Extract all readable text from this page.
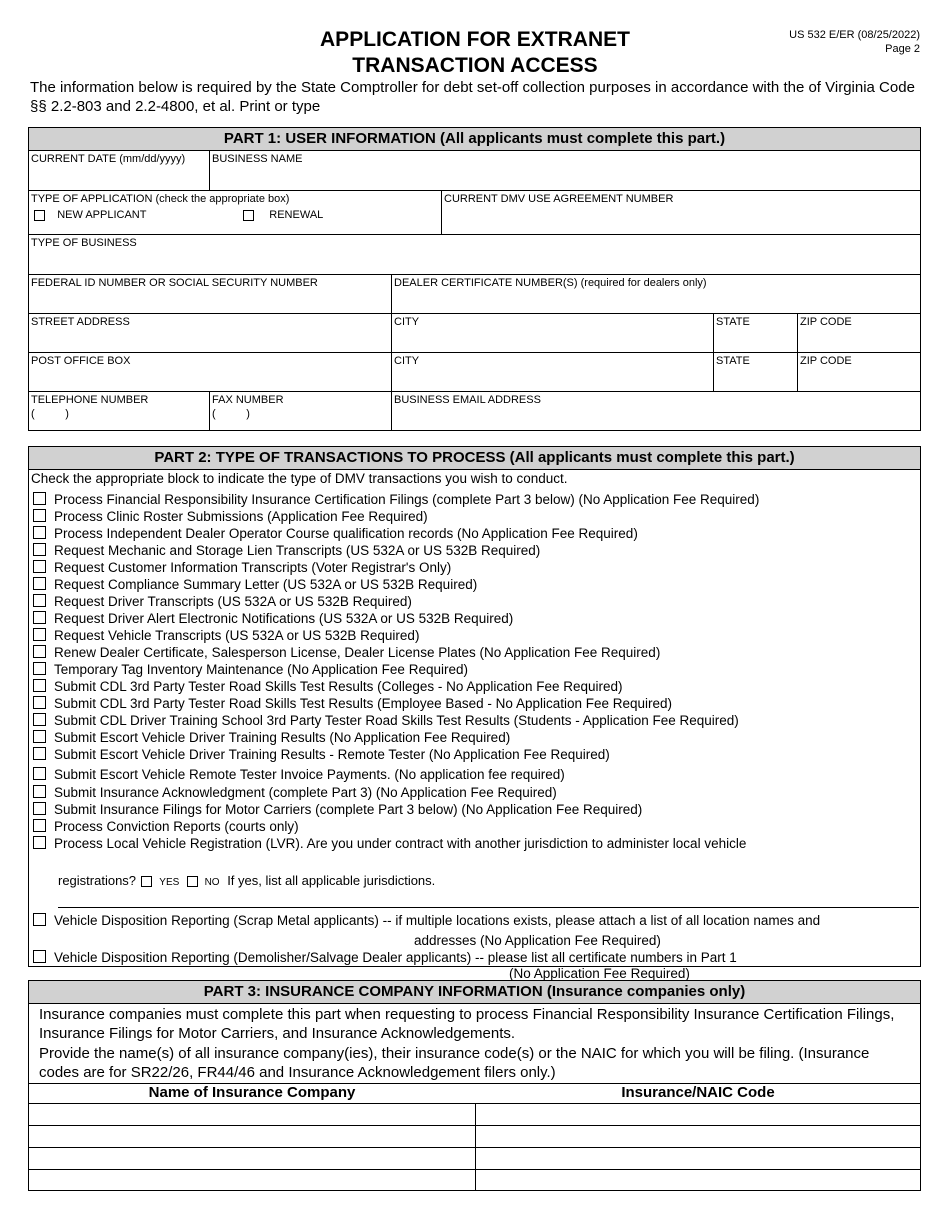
APPLICATION FOR EXTRANET
TRANSACTION ACCESS
US 532 E/ER (08/25/2022)
Page 2
The information below is required by the State Comptroller for debt set-off collection purposes in accordance with the of Virginia Code §§ 2.2-803 and 2.2-4800, et al. Print or type
PART 1: USER INFORMATION (All applicants must complete this part.)
CURRENT DATE (mm/dd/yyyy)	BUSINESS NAME
TYPE OF APPLICATION (check the appropriate box)
NEW APPLICANT	RENEWAL
CURRENT DMV USE AGREEMENT NUMBER
TYPE OF BUSINESS
FEDERAL ID NUMBER OR SOCIAL SECURITY NUMBER	DEALER CERTIFICATE NUMBER(S) (required for dealers only)
STREET ADDRESS	CITY	STATE	ZIP CODE
POST OFFICE BOX	CITY	STATE	ZIP CODE
TELEPHONE NUMBER
(          )
FAX NUMBER
(          )
BUSINESS EMAIL ADDRESS
PART 2: TYPE OF TRANSACTIONS TO PROCESS (All applicants must complete this part.)
Check the appropriate block to indicate the type of DMV transactions you wish to conduct.
Process Financial Responsibility Insurance Certification Filings (complete Part 3 below) (No Application Fee Required)
Process Clinic Roster Submissions (Application Fee Required)
Process Independent Dealer Operator Course qualification records (No Application Fee Required)
Request Mechanic and Storage Lien Transcripts (US 532A or US 532B Required)
Request Customer Information Transcripts (Voter Registrar's Only)
Request Compliance Summary Letter (US 532A or US 532B Required)
Request Driver Transcripts (US 532A or US 532B Required)
Request Driver Alert Electronic Notifications (US 532A or US 532B Required)
Request Vehicle Transcripts (US 532A or US 532B Required)
Renew Dealer Certificate, Salesperson License, Dealer License Plates (No Application Fee Required)
Temporary Tag Inventory Maintenance (No Application Fee Required)
Submit CDL 3rd Party Tester Road Skills Test Results (Colleges - No Application Fee Required)
Submit CDL 3rd Party Tester Road Skills Test Results (Employee Based - No Application Fee Required)
Submit CDL Driver Training School 3rd Party Tester Road Skills Test Results (Students - Application Fee Required)
Submit Escort Vehicle Driver Training Results (No Application Fee Required)
Submit Escort Vehicle Driver Training Results - Remote Tester (No Application Fee Required)
Submit Escort Vehicle Remote Tester Invoice Payments. (No application fee required)
Submit Insurance Acknowledgment (complete Part 3) (No Application Fee Required)
Submit Insurance Filings for Motor Carriers (complete Part 3 below) (No Application Fee Required)
Process Conviction Reports (courts only)
Process Local Vehicle Registration (LVR). Are you under contract with another jurisdiction to administer local vehicle
registrations? YES	NO If yes, list all applicable jurisdictions.
Vehicle Disposition Reporting (Scrap Metal applicants) -- if multiple locations exists, please attach a list of all location names and
addresses (No Application Fee Required)
Vehicle Disposition Reporting (Demolisher/Salvage Dealer applicants) -- please list all certificate numbers in Part 1
(No Application Fee Required)
PART 3: INSURANCE COMPANY INFORMATION (Insurance companies only)
Insurance companies must complete this part when requesting to process Financial Responsibility Insurance Certification Filings, Insurance Filings for Motor Carriers, and Insurance Acknowledgements.
Provide the name(s) of all insurance company(ies), their insurance code(s) or the NAIC for which you will be filing. (Insurance codes are for SR22/26, FR44/46 and Insurance Acknowledgement filers only.)
Name of Insurance Company	Insurance/NAIC Code
